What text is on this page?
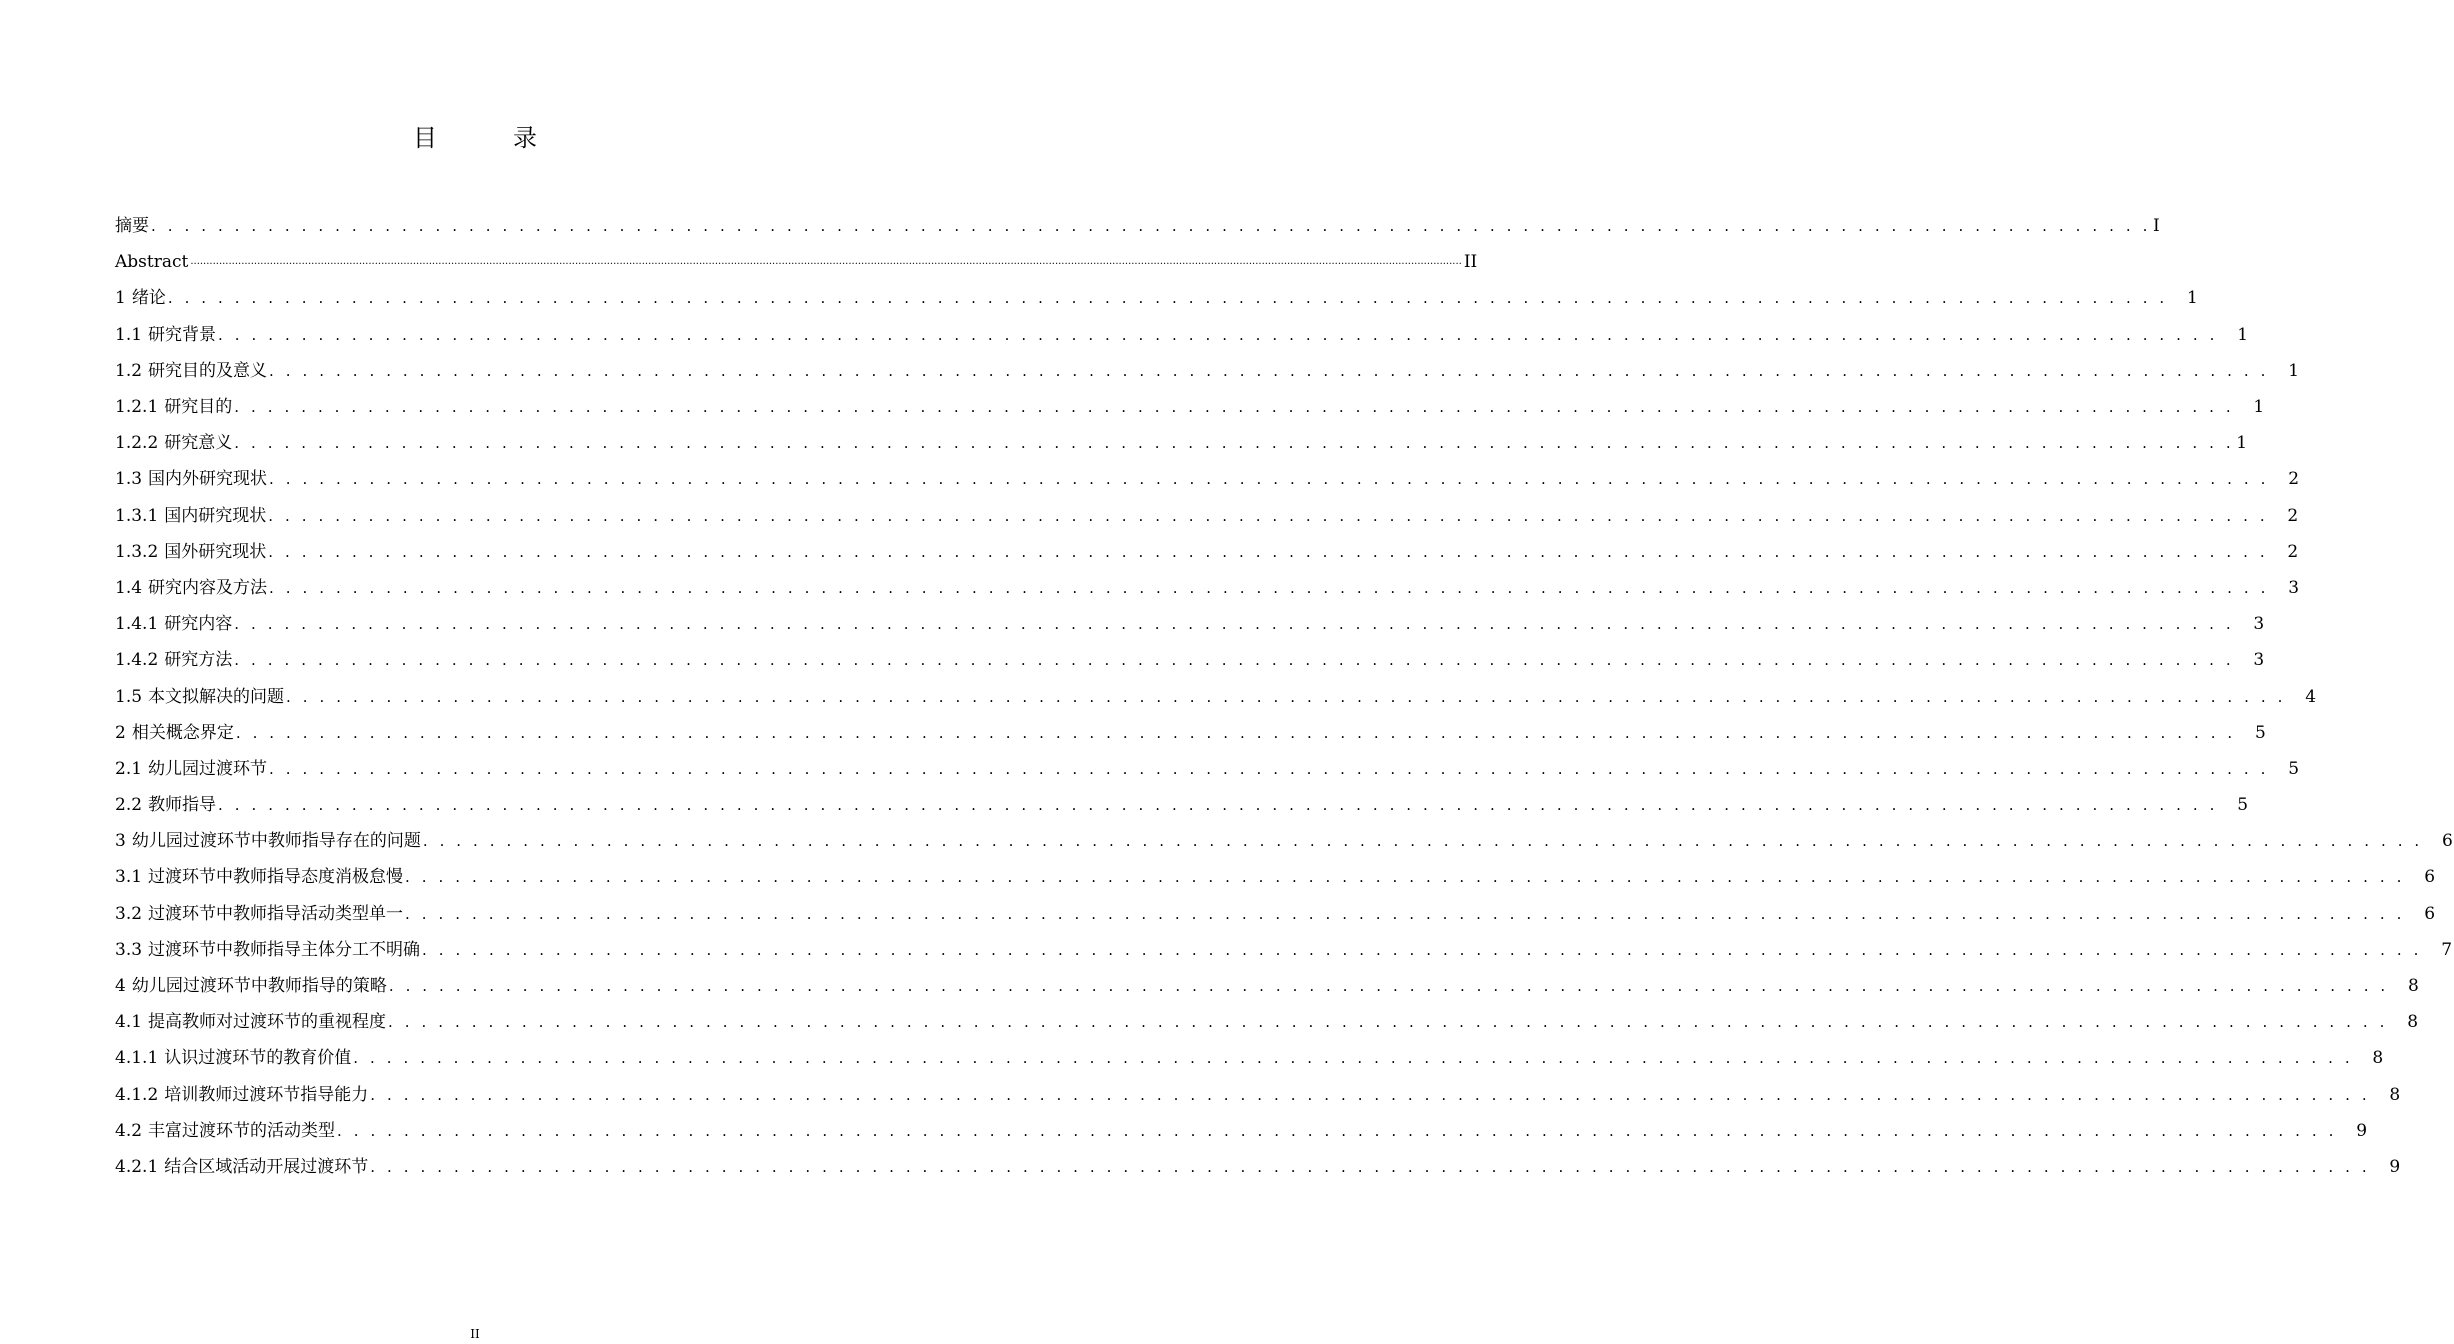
目　录
摘要 . . . . . . . . . . . . . . . . . . . . . . . . . . . . . . . . . . . . . . . . . . . . . . . . . . . . . . . . . . . . . . . . . . . . . . . . . . . . . . . . . . . . . . . . . . . . . . . . . . . . . . . . . . . . . . . . . . . . . . . . I
Abstract ................................................................................................................................................................................................................................................................................................................................................................................................................ II
1 绪论 . . . . . . . . . . . . . . . . . . . . . . . . . . . . . . . . . . . . . . . . . . . . . . . . . . . . . . . . . . . . . . . . . . . . . . . . . . . . . . . . . . . . . . . . . . . . . . . . . . . . . . . . . . . . . . . . . . . . . . . .	1
1.1 研究背景 . . . . . . . . . . . . . . . . . . . . . . . . . . . . . . . . . . . . . . . . . . . . . . . . . . . . . . . . . . . . . . . . . . . . . . . . . . . . . . . . . . . . . . . . . . . . . . . . . . . . . . . . . . . . . . . . . . . . . . . .	1
1.2 研究目的及意义 . . . . . . . . . . . . . . . . . . . . . . . . . . . . . . . . . . . . . . . . . . . . . . . . . . . . . . . . . . . . . . . . . . . . . . . . . . . . . . . . . . . . . . . . . . . . . . . . . . . . . . . . . . . . . . . . . . . . . . . .	1
1.2.1 研究目的 . . . . . . . . . . . . . . . . . . . . . . . . . . . . . . . . . . . . . . . . . . . . . . . . . . . . . . . . . . . . . . . . . . . . . . . . . . . . . . . . . . . . . . . . . . . . . . . . . . . . . . . . . . . . . . . . . . . . . . . .	1
1.2.2 研究意义 . . . . . . . . . . . . . . . . . . . . . . . . . . . . . . . . . . . . . . . . . . . . . . . . . . . . . . . . . . . . . . . . . . . . . . . . . . . . . . . . . . . . . . . . . . . . . . . . . . . . . . . . . . . . . . . . . . . . . . . . 1
1.3 国内外研究现状 . . . . . . . . . . . . . . . . . . . . . . . . . . . . . . . . . . . . . . . . . . . . . . . . . . . . . . . . . . . . . . . . . . . . . . . . . . . . . . . . . . . . . . . . . . . . . . . . . . . . . . . . . . . . . . . . . . . . . . . .	2
1.3.1 国内研究现状 . . . . . . . . . . . . . . . . . . . . . . . . . . . . . . . . . . . . . . . . . . . . . . . . . . . . . . . . . . . . . . . . . . . . . . . . . . . . . . . . . . . . . . . . . . . . . . . . . . . . . . . . . . . . . . . . . . . . . . . .	2
1.3.2 国外研究现状 . . . . . . . . . . . . . . . . . . . . . . . . . . . . . . . . . . . . . . . . . . . . . . . . . . . . . . . . . . . . . . . . . . . . . . . . . . . . . . . . . . . . . . . . . . . . . . . . . . . . . . . . . . . . . . . . . . . . . . . .	2
1.4 研究内容及方法 . . . . . . . . . . . . . . . . . . . . . . . . . . . . . . . . . . . . . . . . . . . . . . . . . . . . . . . . . . . . . . . . . . . . . . . . . . . . . . . . . . . . . . . . . . . . . . . . . . . . . . . . . . . . . . . . . . . . . . . .	3
1.4.1 研究内容 . . . . . . . . . . . . . . . . . . . . . . . . . . . . . . . . . . . . . . . . . . . . . . . . . . . . . . . . . . . . . . . . . . . . . . . . . . . . . . . . . . . . . . . . . . . . . . . . . . . . . . . . . . . . . . . . . . . . . . . .	3
1.4.2 研究方法 . . . . . . . . . . . . . . . . . . . . . . . . . . . . . . . . . . . . . . . . . . . . . . . . . . . . . . . . . . . . . . . . . . . . . . . . . . . . . . . . . . . . . . . . . . . . . . . . . . . . . . . . . . . . . . . . . . . . . . . .	3
1.5 本文拟解决的问题 . . . . . . . . . . . . . . . . . . . . . . . . . . . . . . . . . . . . . . . . . . . . . . . . . . . . . . . . . . . . . . . . . . . . . . . . . . . . . . . . . . . . . . . . . . . . . . . . . . . . . . . . . . . . . . . . . . . . . . . .	4
2 相关概念界定 . . . . . . . . . . . . . . . . . . . . . . . . . . . . . . . . . . . . . . . . . . . . . . . . . . . . . . . . . . . . . . . . . . . . . . . . . . . . . . . . . . . . . . . . . . . . . . . . . . . . . . . . . . . . . . . . . . . . . . . .	5
2.1 幼儿园过渡环节 . . . . . . . . . . . . . . . . . . . . . . . . . . . . . . . . . . . . . . . . . . . . . . . . . . . . . . . . . . . . . . . . . . . . . . . . . . . . . . . . . . . . . . . . . . . . . . . . . . . . . . . . . . . . . . . . . . . . . . . .	5
2.2 教师指导 . . . . . . . . . . . . . . . . . . . . . . . . . . . . . . . . . . . . . . . . . . . . . . . . . . . . . . . . . . . . . . . . . . . . . . . . . . . . . . . . . . . . . . . . . . . . . . . . . . . . . . . . . . . . . . . . . . . . . . . .	5
3 幼儿园过渡环节中教师指导存在的问题 . . . . . . . . . . . . . . . . . . . . . . . . . . . . . . . . . . . . . . . . . . . . . . . . . . . . . . . . . . . . . . . . . . . . . . . . . . . . . . . . . . . . . . . . . . . . . . . . . . . . . . . . . . . . . . . . . . . . . . . .	6
3.1 过渡环节中教师指导态度消极怠慢 . . . . . . . . . . . . . . . . . . . . . . . . . . . . . . . . . . . . . . . . . . . . . . . . . . . . . . . . . . . . . . . . . . . . . . . . . . . . . . . . . . . . . . . . . . . . . . . . . . . . . . . . . . . . . . . . . . . . . . . .	6
3.2 过渡环节中教师指导活动类型单一 . . . . . . . . . . . . . . . . . . . . . . . . . . . . . . . . . . . . . . . . . . . . . . . . . . . . . . . . . . . . . . . . . . . . . . . . . . . . . . . . . . . . . . . . . . . . . . . . . . . . . . . . . . . . . . . . . . . . . . . .	6
3.3 过渡环节中教师指导主体分工不明确 . . . . . . . . . . . . . . . . . . . . . . . . . . . . . . . . . . . . . . . . . . . . . . . . . . . . . . . . . . . . . . . . . . . . . . . . . . . . . . . . . . . . . . . . . . . . . . . . . . . . . . . . . . . . . . . . . . . . . . . .	7
4 幼儿园过渡环节中教师指导的策略 . . . . . . . . . . . . . . . . . . . . . . . . . . . . . . . . . . . . . . . . . . . . . . . . . . . . . . . . . . . . . . . . . . . . . . . . . . . . . . . . . . . . . . . . . . . . . . . . . . . . . . . . . . . . . . . . . . . . . . . .	8
4.1 提高教师对过渡环节的重视程度 . . . . . . . . . . . . . . . . . . . . . . . . . . . . . . . . . . . . . . . . . . . . . . . . . . . . . . . . . . . . . . . . . . . . . . . . . . . . . . . . . . . . . . . . . . . . . . . . . . . . . . . . . . . . . . . . . . . . . . . .	8
4.1.1 认识过渡环节的教育价值 . . . . . . . . . . . . . . . . . . . . . . . . . . . . . . . . . . . . . . . . . . . . . . . . . . . . . . . . . . . . . . . . . . . . . . . . . . . . . . . . . . . . . . . . . . . . . . . . . . . . . . . . . . . . . . . . . . . . . . . .	8
4.1.2 培训教师过渡环节指导能力 . . . . . . . . . . . . . . . . . . . . . . . . . . . . . . . . . . . . . . . . . . . . . . . . . . . . . . . . . . . . . . . . . . . . . . . . . . . . . . . . . . . . . . . . . . . . . . . . . . . . . . . . . . . . . . . . . . . . . . . .	8
4.2 丰富过渡环节的活动类型 . . . . . . . . . . . . . . . . . . . . . . . . . . . . . . . . . . . . . . . . . . . . . . . . . . . . . . . . . . . . . . . . . . . . . . . . . . . . . . . . . . . . . . . . . . . . . . . . . . . . . . . . . . . . . . . . . . . . . . . .	9
4.2.1 结合区域活动开展过渡环节 . . . . . . . . . . . . . . . . . . . . . . . . . . . . . . . . . . . . . . . . . . . . . . . . . . . . . . . . . . . . . . . . . . . . . . . . . . . . . . . . . . . . . . . . . . . . . . . . . . . . . . . . . . . . . . . . . . . . . . . .	9
II
